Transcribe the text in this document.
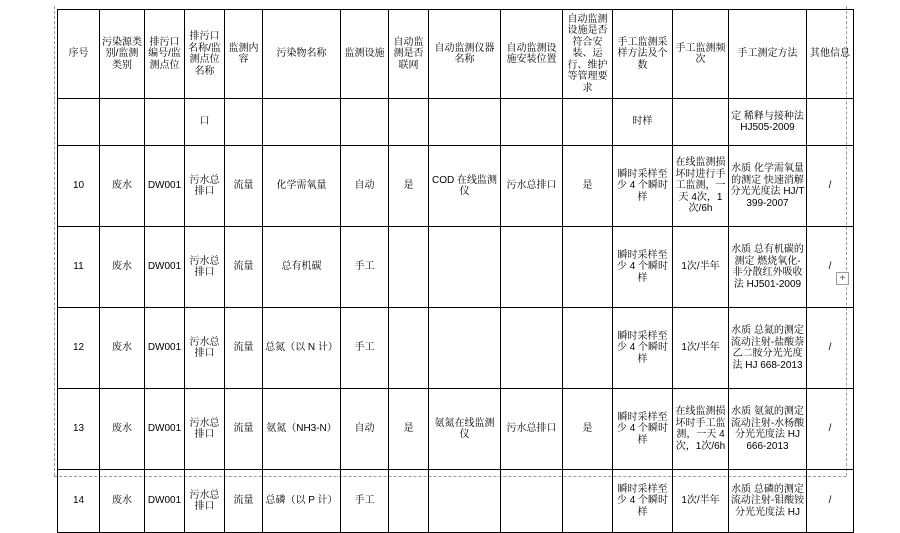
序号	污染源类别/监测类别	排污口编号/监测点位	排污口名称/监测点位名称	监测内容	污染物名称	监测设施	自动监测是否联网	自动监测仪器名称	自动监测设施安装位置	自动监测设施是否符合安装、运行、维护等管理要求	手工监测采样方法及个数	手工监测频次	手工测定方法	其他信息
			口								时样		定 稀释与接种法 HJ505-2009	
10	废水	DW001	污水总排口	流量	化学需氧量	自动	是	COD 在线监测仪	污水总排口	是	瞬时采样至少 4 个瞬时样	在线监测损坏时进行手工监测，一天 4次，1次/6h	水质 化学需氧量的测定 快速消解分光光度法 HJ/T 399-2007	/
11	废水	DW001	污水总排口	流量	总有机碳	手工					瞬时采样至少 4 个瞬时样	1次/半年	水质 总有机碳的测定 燃烧氧化-非分散红外吸收法 HJ501-2009	/
12	废水	DW001	污水总排口	流量	总氮（以 N 计）	手工					瞬时采样至少 4 个瞬时样	1次/半年	水质 总氮的测定 流动注射-盐酸萘乙二胺分光光度法 HJ 668-2013	/
13	废水	DW001	污水总排口	流量	氨氮（NH3-N）	自动	是	氨氮在线监测仪	污水总排口	是	瞬时采样至少 4 个瞬时样	在线监测损坏时手工监测，一天 4次，1次/6h	水质 氨氮的测定 流动注射-水杨酸分光光度法 HJ 666-2013	/
14	废水	DW001	污水总排口	流量	总磷（以 P 计）	手工					瞬时采样至少 4 个瞬时样	1次/半年	水质 总磷的测定 流动注射-钼酸铵分光光度法 HJ	/
+
